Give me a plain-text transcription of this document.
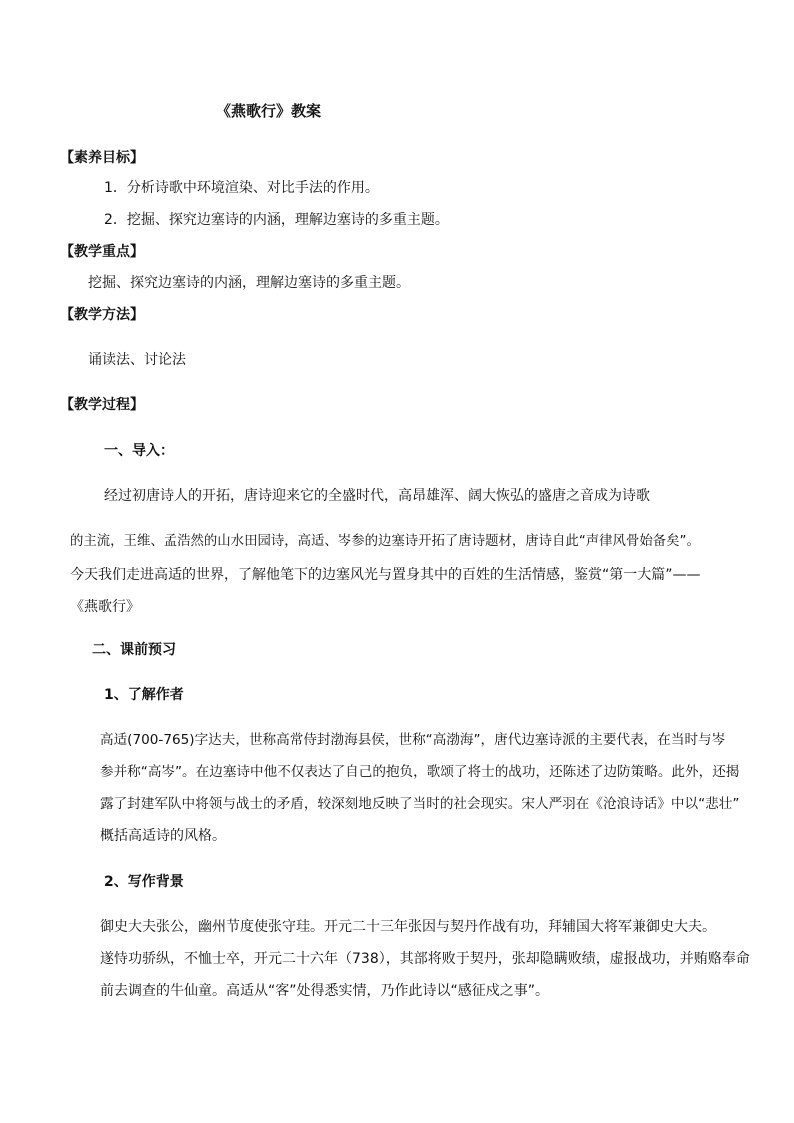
《燕歌行》教案
【素养目标】
1．分析诗歌中环境渲染、对比手法的作用。
2．挖掘、探究边塞诗的内涵，理解边塞诗的多重主题。
【教学重点】
挖掘、探究边塞诗的内涵，理解边塞诗的多重主题。
【教学方法】
诵读法、讨论法
【教学过程】
一、导入：
经过初唐诗人的开拓，唐诗迎来它的全盛时代，高昂雄浑、阔大恢弘的盛唐之音成为诗歌
的主流，王维、孟浩然的山水田园诗，高适、岑参的边塞诗开拓了唐诗题材，唐诗自此“声律风骨始备矣”。
今天我们走进高适的世界，了解他笔下的边塞风光与置身其中的百姓的生活情感，鉴赏“第一大篇”——
《燕歌行》
二、课前预习
1、了解作者
高适(700-765)字达夫，世称高常侍封渤海县侯，世称“高渤海”，唐代边塞诗派的主要代表，在当时与岑
参并称“高岑”。在边塞诗中他不仅表达了自己的抱负，歌颂了将士的战功，还陈述了边防策略。此外，还揭
露了封建军队中将领与战士的矛盾，较深刻地反映了当时的社会现实。宋人严羽在《沧浪诗话》中以“悲壮”
概括高适诗的风格。
2、写作背景
御史大夫张公，幽州节度使张守珪。开元二十三年张因与契丹作战有功，拜辅国大将军兼御史大夫。
遂恃功骄纵，不恤士卒，开元二十六年（738），其部将败于契丹，张却隐瞒败绩，虚报战功，并贿赂奉命
前去调查的牛仙童。高适从“客”处得悉实情，乃作此诗以“感征戍之事”。
